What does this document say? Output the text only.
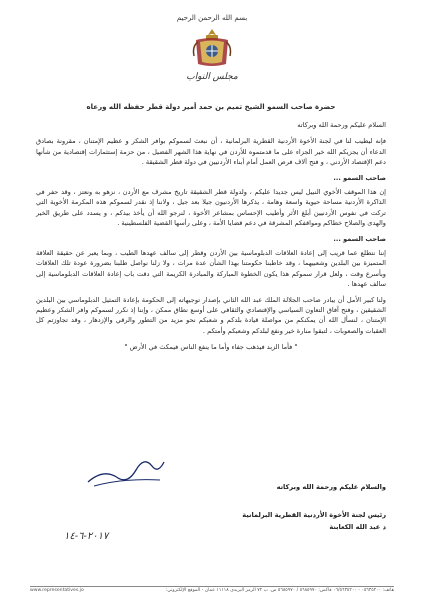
بسم الله الرحمن الرحيم
مجلس النواب
حضرة صاحب السمو الشيخ تميم بن حمد أمير دولة قطر حفظه الله ورعاه
السلام عليكم ورحمة الله وبركاته
فإنه ليطيب لنا في لجنة الأخوة الأردنية القطرية البرلمانية ، أن نبعث لسموكم بوافر الشكر و عظيم الإمتنان ، مقرونة بصادق الدعاء أن يجزيكم الله خير الجزاء على ما قدمتموه للأردن في نهاية هذا الشهر الفضيل ، من حزمة إستثمارات إقتصادية من شأنها دعم الإقتصاد الأردني ، و فتح آلاف فرص العمل أمام أبناء الأردنيين في دولة قطر الشقيقة .
صاحب السمو ...
إن هذا الموقف الأخوي النبيل ليس جديدا عليكم ، ولدولة قطر الشقيقة تاريخ مشرف مع الأردن ، نزهو به ونعتز ، وقد حفر في الذاكرة الأردنية مساحة حيوية واسعة وهامة ، يذكرها الأردنيون جيلا بعد جيل ، ولاننا إذ نقدر لسموكم هذه المكرمة الأخوية التي تركت في نفوس الأردنيين أبلغ الأثر وأطيب الإحساس بمشاعر الأخوة ، لنرجو الله أن يأخذ بيدكم ، و يسدد على طريق الخير والهدى والصلاح خطاكم ومواقفكم المشرقة في دعم قضايا الأمة ، وعلى رأسها القضية الفلسطينية .
صاحب السمو ...
إننا نتطلع عما قريب إلى إعادة العلاقات الدبلوماسية بين الأردن وقطر إلى سالف عهدها الطيب ، وبما يعبر عن حقيقة العلاقة المتميزة بين البلدين وشعبيهما ، وقد خاطبنا حكومتنا بهذا الشأن عدة مرات ، ولا زلنا نواصل طلبنا بضرورة عودة تلك العلاقات وبأسرع وقت ، ولعل قرار سموكم هذا يكون الخطوة المباركة والمبادرة الكريمة التي دقت باب إعادة العلاقات الدبلوماسية إلى سالف عهدها .
ولنا كبير الأمل أن يبادر صاحب الجلالة الملك عبد الله الثاني بإصدار توجيهاته إلى الحكومة بإعادة التمثيل الدبلوماسي بين البلدين الشقيقين ، وفتح آفاق التعاون السياسي والإقتصادي والثقافي على أوسع نطاق ممكن ، وإننا إذ نكرر لسموكم وافر الشكر وعظيم الإمتنان ، لنسأل الله أن يمكنكم من مواصلة قيادة بلدكم و شعبكم نحو مزيد من التطور والرقي والإزدهار ، وقد تجاوزتم كل العقبات والصعوبات ، لتبقوا منارة خير ونفع لبلدكم وشعبكم وأمتكم .
" فأما الزبد فيذهب جفاء وأما ما ينفع الناس فيمكث في الأرض "
والسلام عليكم ورحمة الله وبركاته
رئيس لجنة الأخوة الأردنية القطرية البرلمانية
د عبد الله الكعابنة
٢٠١٧-٦-١٤
هاتف: ٠٥٦٣٥٢٠٠ - ٠٦/٥٦٣٥٢٠٠ فاكس: ٥٦٨٥٩٧٠ / ٥٦٨٥٩٧٠ ص. ب ٧٢ الرمز البريدي ١١١١٨ عمان - الموقع الإلكتروني:
www.representatives.jo
